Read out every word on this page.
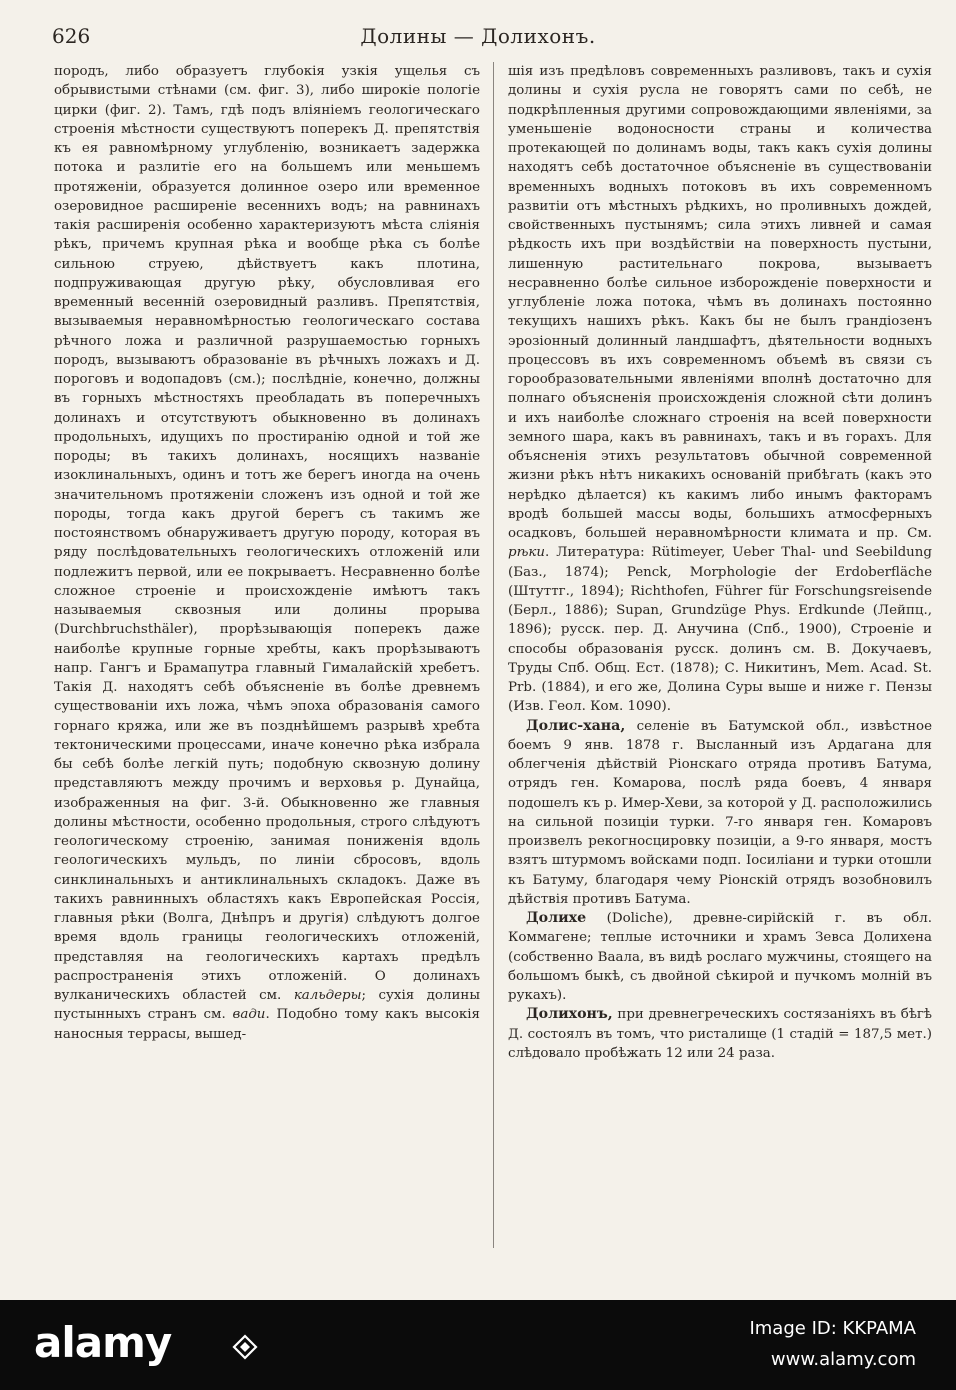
626	Долины — Долихонъ.

породъ, либо образуетъ глубокія узкія ущелья съ обрывистыми стѣнами (см. фиг. 3), либо широкіе пологіе цирки (фиг. 2). Тамъ, гдѣ подъ вліяніемъ геологическаго строенія мѣстности существуютъ поперекъ Д. препятствія къ ея равномѣрному углубленію, возникаетъ задержка потока и разлитіе его на большемъ или меньшемъ протяженіи, образуется долинное озеро или временное озеровидное расширеніе весеннихъ водъ; на равнинахъ такія расширенія особенно характеризуютъ мѣста сліянія рѣкъ, причемъ крупная рѣка и вообще рѣка съ болѣе сильною струею, дѣйствуетъ какъ плотина, подпруживающая другую рѣку, обусловливая его временный весенній озеровидный разливъ. Препятствія, вызываемыя неравномѣрностью геологическаго состава рѣчного ложа и различной разрушаемостью горныхъ породъ, вызываютъ образованіе въ рѣчныхъ ложахъ и Д. пороговъ и водопадовъ (см.); послѣдніе, конечно, должны въ горныхъ мѣстностяхъ преобладать въ поперечныхъ долинахъ и отсутствуютъ обыкновенно въ долинахъ продольныхъ, идущихъ по простиранію одной и той же породы; въ такихъ долинахъ, носящихъ названіе изоклинальныхъ, одинъ и тотъ же берегъ иногда на очень значительномъ протяженіи сложенъ изъ одной и той же породы, тогда какъ другой берегъ съ такимъ же постоянствомъ обнаруживаетъ другую породу, которая въ ряду послѣдовательныхъ геологическихъ отложеній или подлежитъ первой, или ее покрываетъ. Несравненно болѣе сложное строеніе и происхожденіе имѣютъ такъ называемыя сквозныя или долины прорыва (Durchbruchsthäler), прорѣзывающія поперекъ даже наиболѣе крупные горные хребты, какъ прорѣзываютъ напр. Гангъ и Брамапутра главный Гималайскій хребетъ. Такія Д. находятъ себѣ объясненіе въ болѣе древнемъ существованіи ихъ ложа, чѣмъ эпоха образованія самого горнаго кряжа, или же въ позднѣйшемъ разрывѣ хребта тектоническими процессами, иначе конечно рѣка избрала бы себѣ болѣе легкій путь; подобную сквозную долину представляютъ между прочимъ и верховья р. Дунайца, изображенныя на фиг. 3-й. Обыкновенно же главныя долины мѣстности, особенно продольныя, строго слѣдуютъ геологическому строенію, занимая пониженія вдоль геологическихъ мульдъ, по линіи сбросовъ, вдоль синклинальныхъ и антиклинальныхъ складокъ. Даже въ такихъ равнинныхъ областяхъ какъ Европейская Россія, главныя рѣки (Волга, Днѣпръ и другія) слѣдуютъ долгое время вдоль границы геологическихъ отложеній, представляя на геологическихъ картахъ предѣлъ распространенія этихъ отложеній. О долинахъ вулканическихъ областей см. кальдеры; сухія долины пустынныхъ странъ см. вади. Подобно тому какъ высокія наносныя террасы, вышед-

шія изъ предѣловъ современныхъ разливовъ, такъ и сухія долины и сухія русла не говорятъ сами по себѣ, не подкрѣпленныя другими сопровождающими явленіями, за уменьшеніе водоносности страны и количества протекающей по долинамъ воды, такъ какъ сухія долины находятъ себѣ достаточное объясненіе въ существованіи временныхъ водныхъ потоковъ въ ихъ современномъ развитіи отъ мѣстныхъ рѣдкихъ, но проливныхъ дождей, свойственныхъ пустынямъ; сила этихъ ливней и самая рѣдкость ихъ при воздѣйствіи на поверхность пустыни, лишенную растительнаго покрова, вызываетъ несравненно болѣе сильное изборожденіе поверхности и углубленіе ложа потока, чѣмъ въ долинахъ постоянно текущихъ нашихъ рѣкъ. Какъ бы не былъ грандіозенъ эрозіонный долинный ландшафтъ, дѣятельности водныхъ процессовъ въ ихъ современномъ объемѣ въ связи съ горообразовательными явленіями вполнѣ достаточно для полнаго объясненія происхожденія сложной сѣти долинъ и ихъ наиболѣе сложнаго строенія на всей поверхности земного шара, какъ въ равнинахъ, такъ и въ горахъ. Для объясненія этихъ результатовъ обычной современной жизни рѣкъ нѣтъ никакихъ основаній прибѣгать (какъ это нерѣдко дѣлается) къ какимъ либо инымъ факторамъ вродѣ большей массы воды, большихъ атмосферныхъ осадковъ, большей неравномѣрности климата и пр. См. рѣки. Литература: Rütimeyer, Ueber Thal- und Seebildung (Баз., 1874); Penck, Morphologie der Erdoberfläche (Штуттг., 1894); Richthofen, Führer für Forschungsreisende (Берл., 1886); Supan, Grundzüge Phys. Erdkunde (Лейпц., 1896); русск. пер. Д. Анучина (Спб., 1900), Строеніе и способы образованія русск. долинъ см. В. Докучаевъ, Труды Спб. Общ. Ест. (1878); С. Никитинъ, Mem. Acad. St. Prb. (1884), и его же, Долина Суры выше и ниже г. Пензы (Изв. Геол. Ком. 1090).

Долис-хана, селеніе въ Батумской обл., извѣстное боемъ 9 янв. 1878 г. Высланный изъ Ардагана для облегченія дѣйствій Ріонскаго отряда противъ Батума, отрядъ ген. Комарова, послѣ ряда боевъ, 4 января подошелъ къ р. Имер-Хеви, за которой у Д. расположились на сильной позиціи турки. 7-го января ген. Комаровъ произвелъ рекогносцировку позиціи, а 9-го января, мостъ взятъ штурмомъ войсками подп. Іосиліани и турки отошли къ Батуму, благодаря чему Ріонскій отрядъ возобновилъ дѣйствія противъ Батума.

Долихе (Doliche), древне-сирійскій г. въ обл. Коммагене; теплые источники и храмъ Зевса Долихена (собственно Ваала, въ видѣ рослаго мужчины, стоящего на большомъ быкѣ, съ двойной сѣкирой и пучкомъ молній въ рукахъ).

Долихонъ, при древнегреческихъ состязаніяхъ въ бѣгѣ Д. состоялъ въ томъ, что ристалище (1 стадій = 187,5 мет.) слѣдовало пробѣжать 12 или 24 раза.

alamy	Image ID: KKPAMA
www.alamy.com
